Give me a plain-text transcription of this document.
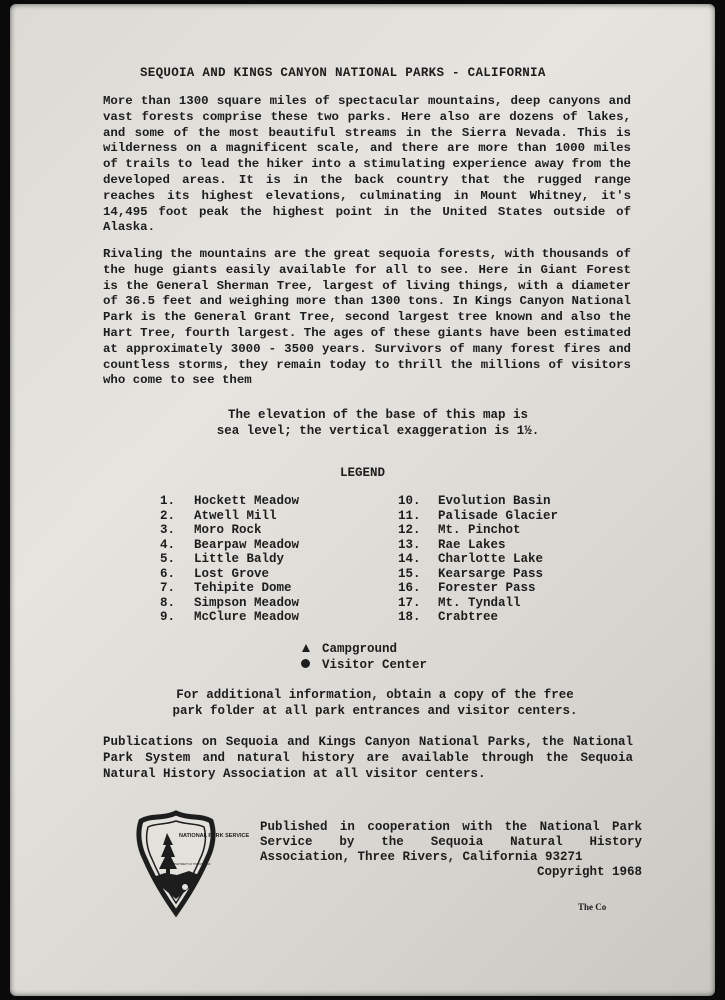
SEQUOIA AND KINGS CANYON NATIONAL PARKS - CALIFORNIA
More than 1300 square miles of spectacular mountains, deep canyons and vast forests comprise these two parks. Here also are dozens of lakes, and some of the most beautiful streams in the Sierra Nevada. This is wilderness on a magnificent scale, and there are more than 1000 miles of trails to lead the hiker into a stimulating experience away from the developed areas. It is in the back country that the rugged range reaches its highest elevations, culminating in Mount Whitney, it's 14,495 foot peak the highest point in the United States outside of Alaska.
Rivaling the mountains are the great sequoia forests, with thousands of the huge giants easily available for all to see. Here in Giant Forest is the General Sherman Tree, largest of living things, with a diameter of 36.5 feet and weighing more than 1300 tons. In Kings Canyon National Park is the General Grant Tree, second largest tree known and also the Hart Tree, fourth largest. The ages of these giants have been estimated at approximately 3000 - 3500 years. Survivors of many forest fires and countless storms, they remain today to thrill the millions of visitors who come to see them
The elevation of the base of this map is
sea level; the vertical exaggeration is 1½.
LEGEND
1.	Hockett Meadow
2.	Atwell Mill
3.	Moro Rock
4.	Bearpaw Meadow
5.	Little Baldy
6.	Lost Grove
7.	Tehipite Dome
8.	Simpson Meadow
9.	McClure Meadow
10.	Evolution Basin
11.	Palisade Glacier
12.	Mt. Pinchot
13.	Rae Lakes
14.	Charlotte Lake
15.	Kearsarge Pass
16.	Forester Pass
17.	Mt. Tyndall
18.	Crabtree
Campground
Visitor Center
For additional information, obtain a copy of the free
park folder at all park entrances and visitor centers.
Publications on Sequoia and Kings Canyon National Parks, the National Park System and natural history are available through the Sequoia Natural History Association at all visitor centers.
NATIONAL PARK SERVICE
DEPARTMENT OF THE INTERIOR
Published in cooperation with the National Park Service by the Sequoia Natural History Association, Three Rivers, California 93271
Copyright 1968
The Co
